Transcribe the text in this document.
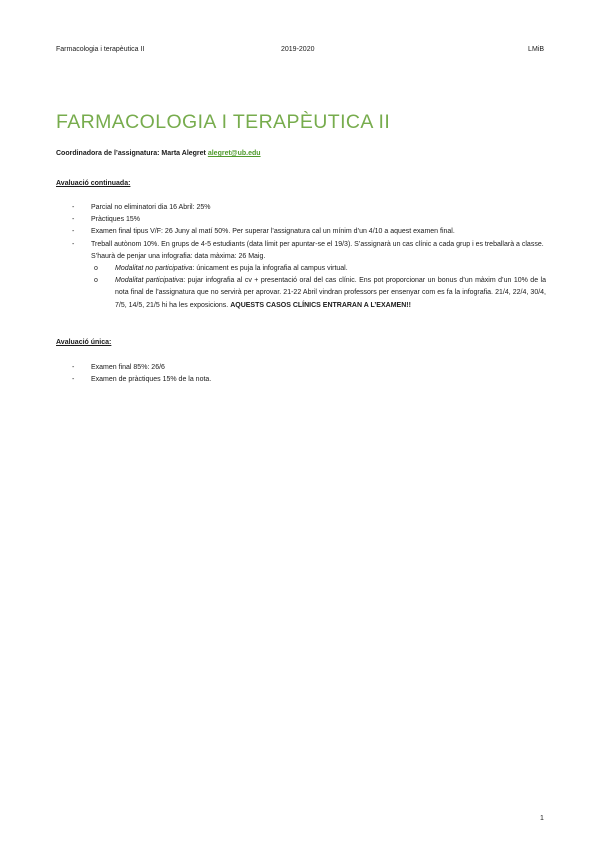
Farmacologia i terapèutica II	2019-2020	LMiB
FARMACOLOGIA I TERAPÈUTICA II
Coordinadora de l’assignatura: Marta Alegret alegret@ub.edu
Avaluació continuada:
- Parcial no eliminatori dia 16 Abril: 25%
- Pràctiques 15%
- Examen final tipus V/F: 26 Juny al matí 50%. Per superar l’assignatura cal un mínim d’un 4/10 a aquest examen final.
- Treball autònom 10%. En grups de 4-5 estudiants (data límit per apuntar-se el 19/3). S’assignarà un cas clínic a cada grup i es treballarà a classe. S’haurà de penjar una infografia: data màxima: 26 Maig.
o Modalitat no participativa: únicament es puja la infografia al campus virtual.
o Modalitat participativa: pujar infografia al cv + presentació oral del cas clínic. Ens pot proporcionar un bonus d’un màxim d’un 10% de la nota final de l’assignatura que no servirà per aprovar. 21-22 Abril vindran professors per ensenyar com es fa la infografia. 21/4, 22/4, 30/4, 7/5, 14/5, 21/5 hi ha les exposicions. AQUESTS CASOS CLÍNICS ENTRARAN A L’EXAMEN!!
Avaluació única:
- Examen final 85%: 26/6
- Examen de pràctiques 15% de la nota.
1
